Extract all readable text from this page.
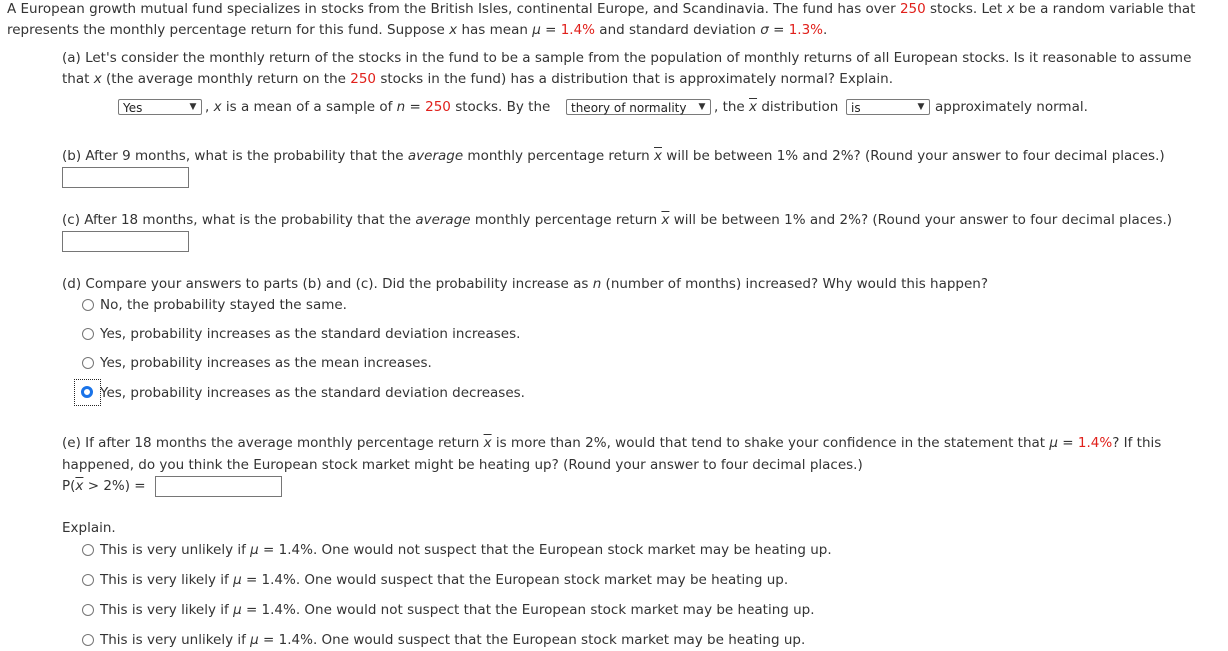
A European growth mutual fund specializes in stocks from the British Isles, continental Europe, and Scandinavia. The fund has over 250 stocks. Let x be a random variable that
represents the monthly percentage return for this fund. Suppose x has mean μ = 1.4% and standard deviation σ = 1.3%.
(a) Let's consider the monthly return of the stocks in the fund to be a sample from the population of monthly returns of all European stocks. Is it reasonable to assume
that x (the average monthly return on the 250 stocks in the fund) has a distribution that is approximately normal? Explain.
Yes	▼ , x is a mean of a sample of n = 250 stocks. By the	theory of normality ▼ , the $\overline{x}$ distribution	is	▼ approximately normal.
(b) After 9 months, what is the probability that the average monthly percentage return $\overline{x}$ will be between 1% and 2%? (Round your answer to four decimal places.)
(c) After 18 months, what is the probability that the average monthly percentage return $\overline{x}$ will be between 1% and 2%? (Round your answer to four decimal places.)
(d) Compare your answers to parts (b) and (c). Did the probability increase as n (number of months) increased? Why would this happen?
No, the probability stayed the same.
Yes, probability increases as the standard deviation increases.
Yes, probability increases as the mean increases.
Yes, probability increases as the standard deviation decreases.
(e) If after 18 months the average monthly percentage return $\overline{x}$ is more than 2%, would that tend to shake your confidence in the statement that μ = 1.4%? If this
happened, do you think the European stock market might be heating up? (Round your answer to four decimal places.)
$P(\overline{x} > 2\%)$ =
Explain.
This is very unlikely if μ = 1.4%. One would not suspect that the European stock market may be heating up.
This is very likely if μ = 1.4%. One would suspect that the European stock market may be heating up.
This is very likely if μ = 1.4%. One would not suspect that the European stock market may be heating up.
This is very unlikely if μ = 1.4%. One would suspect that the European stock market may be heating up.
